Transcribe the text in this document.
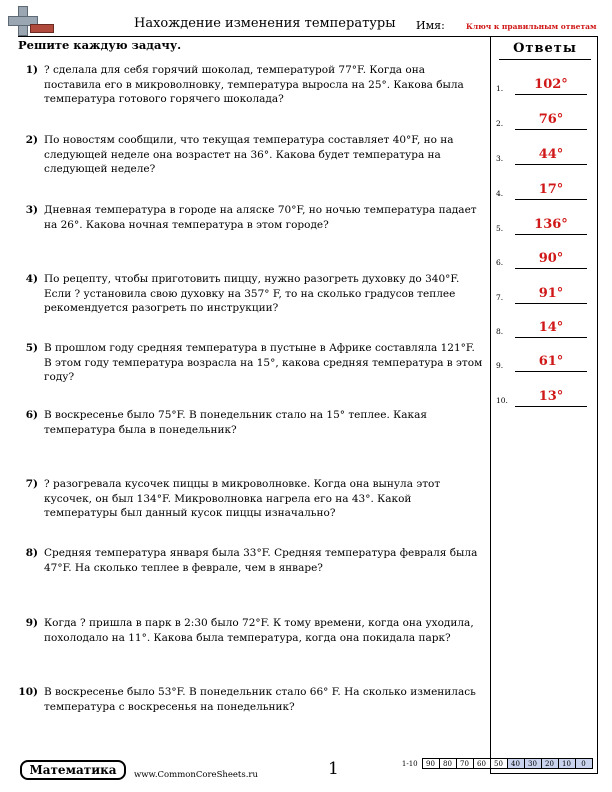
Нахождение изменения температуры Имя:	Ключ к правильным ответам
Решите каждую задачу.
1) ? сделала для себя горячий шоколад, температурой 77°F. Когда она поставила его в микроволновку, температура выросла на 25°. Какова была температура готового горячего шоколада?
2) По новостям сообщили, что текущая температура составляет 40°F, но на следующей неделе она возрастет на 36°. Какова будет температура на следующей неделе?
3) Дневная температура в городе на аляске 70°F, но ночью температура падает на 26°. Какова ночная температура в этом городе?
4) По рецепту, чтобы приготовить пиццу, нужно разогреть духовку до 340°F. Если ? установила свою духовку на 357° F, то на сколько градусов теплее рекомендуется разогреть по инструкции?
5) В прошлом году средняя температура в пустыне в Африке составляла 121°F. В этом году температура возрасла на 15°, какова средняя температура в этом году?
6) В воскресенье было 75°F. В понедельник стало на 15° теплее. Какая температура была в понедельник?
7) ? разогревала кусочек пиццы в микроволновке. Когда она вынула этот кусочек, он был 134°F. Микроволновка нагрела его на 43°. Какой температуры был данный кусок пиццы изначально?
8) Средняя температура января была 33°F. Средняя температура февраля была 47°F. На сколько теплее в феврале, чем в январе?
9) Когда ? пришла в парк в 2:30 было 72°F. К тому времени, когда она уходила, похолодало на 11°. Какова была температура, когда она покидала парк?
10) В воскресенье было 53°F. В понедельник стало 66° F. На сколько изменилась температура с воскресенья на понедельник?
Ответы
1.	102°
2.	76°
3.	44°
4.	17°
5.	136°
6.	90°
7.	91°
8.	14°
9.	61°
10.	13°
Математика	www.CommonCoreSheets.ru	1	1-10	90	80	70	60	50	40	30	20	10	0
